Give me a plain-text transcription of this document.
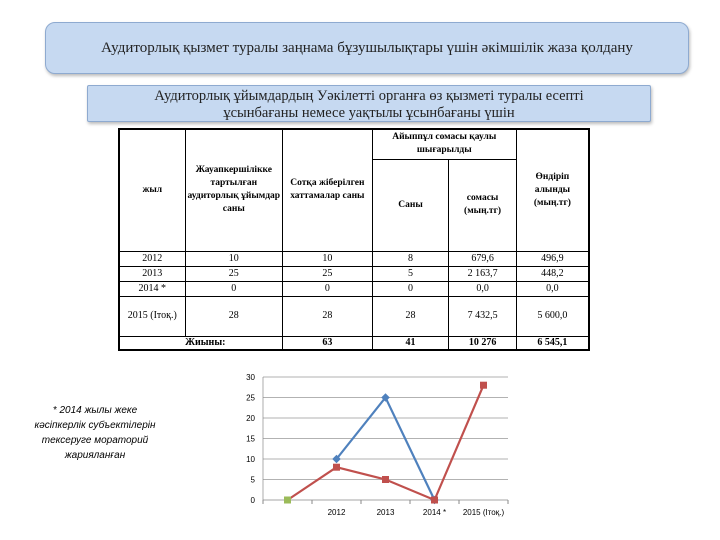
Аудиторлық қызмет туралы заңнама бұзушылықтары үшін әкімшілік жаза қолдану
Аудиторлық ұйымдардың Уәкілетті органға өз қызметі туралы есепті
ұсынбағаны немесе уақтылы ұсынбағаны үшін
жыл	Жауапкершілікке тартылған аудиторлық ұйымдар саны	Сотқа жіберілген хаттамалар саны	Айыппұл сомасы қаулы шығарылды		Өндіріп алынды (мың.тг)
			Саны	сомасы (мың.тг)	
2012	10	10	8	679,6	496,9
2013	25	25	5	2 163,7	448,2
2014 *	0	0	0	0,0	0,0
2015 (Ітоқ.)	28	28	28	7 432,5	5 600,0
	Жиыны:	63	41	10 276	6 545,1
* 2014 жылы жеке кәсіпкерлік субъектілерін тексеруге мораторий жарияланған
0
5
10
15
20
25
30
2012	2013	2014 * 2015 (Ітоқ.)
